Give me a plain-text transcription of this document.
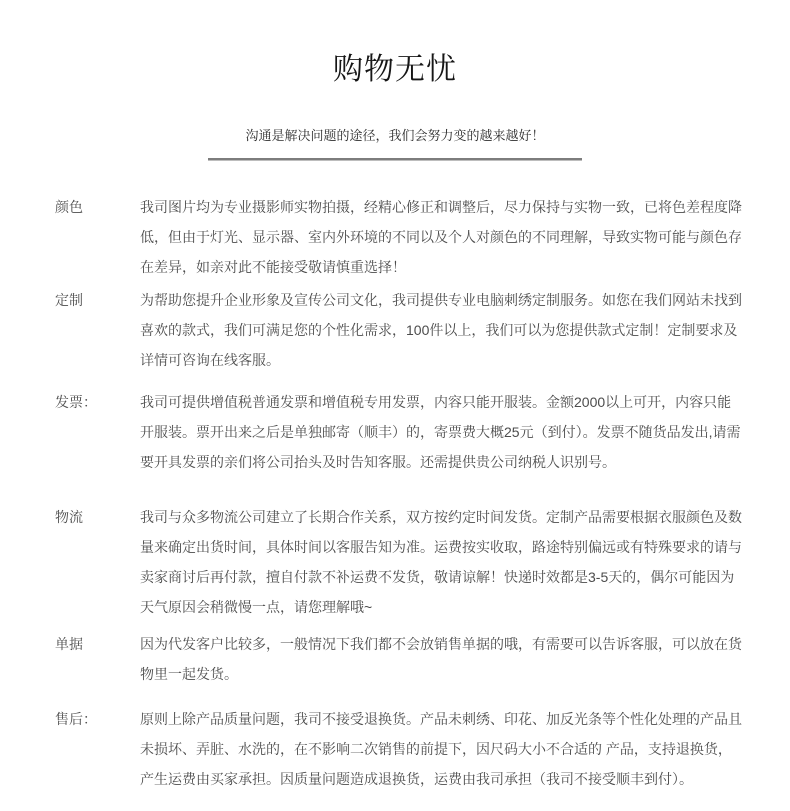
购物无忧

沟通是解决问题的途径，我们会努力变的越来越好！

颜色	我司图片均为专业摄影师实物拍摄，经精心修正和调整后，尽力保持与实物一致，已将色差程度降低，但由于灯光、显示器、室内外环境的不同以及个人对颜色的不同理解，导致实物可能与颜色存在差异，如亲对此不能接受敬请慎重选择！
定制	为帮助您提升企业形象及宣传公司文化，我司提供专业电脑刺绣定制服务。如您在我们网站未找到喜欢的款式，我们可满足您的个性化需求，100件以上，我们可以为您提供款式定制！定制要求及详情可咨询在线客服。
发票：	我司可提供增值税普通发票和增值税专用发票，内容只能开服装。金额2000以上可开，内容只能开服装。票开出来之后是单独邮寄（顺丰）的，寄票费大概25元（到付）。发票不随货品发出,请需要开具发票的亲们将公司抬头及时告知客服。还需提供贵公司纳税人识别号。
物流	我司与众多物流公司建立了长期合作关系，双方按约定时间发货。定制产品需要根据衣服颜色及数量来确定出货时间，具体时间以客服告知为准。运费按实收取，路途特别偏远或有特殊要求的请与卖家商讨后再付款，擅自付款不补运费不发货，敬请谅解！快递时效都是3-5天的，偶尔可能因为天气原因会稍微慢一点，请您理解哦~
单据	因为代发客户比较多，一般情况下我们都不会放销售单据的哦，有需要可以告诉客服，可以放在货物里一起发货。
售后：	原则上除产品质量问题，我司不接受退换货。产品未刺绣、印花、加反光条等个性化处理的产品且未损坏、弄脏、水洗的，在不影响二次销售的前提下，因尺码大小不合适的 产品，支持退换货，产生运费由买家承担。因质量问题造成退换货，运费由我司承担（我司不接受顺丰到付）。
